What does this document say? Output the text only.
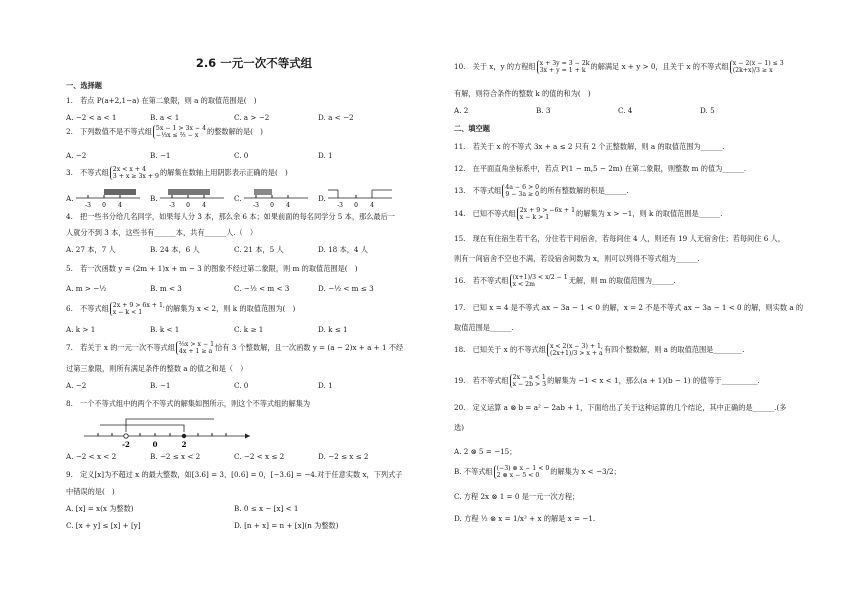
2.6 一元一次不等式组
一、选择题
1.　若点 P(a+2,1−a) 在第二象限，则 a 的取值范围是(　)
A. −2 < a < 1	B. a < 1	C. a > −2	D. a < −2
2.　下列数值不是不等式组 5x − 1 > 3x − 4
−⅓x ≤ ⅔ − x	的整数解的是(　)
A. −2	B. −1	C. 0	D. 1
3.　不等式组 2x < x + 4
3 + x ≥ 3x + 9 的解集在数轴上用阴影表示正确的是(　)
A.
-3 0 4
B.
-3 0 4
C.
-3 0 4
D.
-3 0 4
4.　把一些书分给几名同学，如果每人分 3 本，那么余 6 本；如果前面的每名同学分 5 本，那么最后一
人就分不到 3 本，这些书有______本，共有______人.（　）
A. 27 本，7 人	B. 24 本，6 人	C. 21 本，5 人	D. 18 本，4 人
5.　若一次函数 y = (2m + 1)x + m − 3 的图象不经过第二象限，则 m 的取值范围是(　)
A. m > −½	B. m < 3	C. −½ < m < 3	D. −½ < m ≤ 3
6.　不等式组 2x + 9 > 6x + 1,
x − k < 1	的解集为 x < 2，则 k 的取值范围为(　)
A. k > 1	B. k < 1	C. k ≥ 1	D. k ≤ 1
7.　若关于 x 的一元一次不等式组 ⅔x > x − 1
4x + 1 ≥ a 恰有 3 个整数解，且一次函数 y = (a − 2)x + a + 1 不经
过第三象限，则所有满足条件的整数 a 的值之和是（　）
A. −2	B. −1	C. 0	D. 1
8.　一个不等式组中的两个不等式的解集如图所示，则这个不等式组的解集为
-2	0	2
A. −2 < x < 2	B. −2 ≤ x < 2	C. −2 < x ≤ 2	D. −2 ≤ x ≤ 2
9.　定义[x]为不超过 x 的最大整数，如[3.6] = 3，[0.6] = 0，[−3.6] = −4.对于任意实数 x，下列式子
中错误的是(　)
A. [x] = x(x 为整数)	B. 0 ≤ x − [x] < 1
C. [x + y] ≤ [x] + [y]	D. [n + x] = n + [x](n 为整数)
10.　关于 x，y 的方程组 x + 3y = 3 − 2k
3x + y = 1 + k 的解满足 x + y > 0，且关于 x 的不等式组 x − 2(x − 1) ≤ 3
(2k+x)/3 ≥ x
有解，则符合条件的整数 k 的值的和为(　)
A. 2	B. 3	C. 4	D. 5
二、填空题
11.　若关于 x 的不等式 3x + a ≤ 2 只有 2 个正整数解，则 a 的取值范围为______.
12.　在平面直角坐标系中，若点 P(1 − m,5 − 2m) 在第二象限，则整数 m 的值为______.
13.　不等式组 4a − 6 > 0
9 − 3a ≥ 0 的所有整数解的积是______.
14.　已知不等式组 2x + 9 > −6x + 1
x − k > 1	的解集为 x > −1，则 k 的取值范围是______.
15.　现在有住宿生若干名，分住若干间宿舍，若每间住 4 人，则还有 19 人无宿舍住；若每间住 6 人，
则有一间宿舍不空也不满，若设宿舍间数为 x，则可以列得不等式组为______.
16.　若不等式组 (x+1)/3 < x/2 − 1
x < 2m	无解，则 m 的取值范围为______.
17.　已知 x = 4 是不等式 ax − 3a − 1 < 0 的解，x = 2 不是不等式 ax − 3a − 1 < 0 的解，则实数 a 的
取值范围是______.
18.　已知关于 x 的不等式组 x < 2(x − 3) + 1,
(2x+1)/3 > x + a 有四个整数解，则 a 的取值范围是________.
19.　若不等式组 2x − a < 1
x − 2b > 3 的解集为 −1 < x < 1，那么(a + 1)(b − 1) 的值等于__________.
20.　定义运算 a ⊗ b = a² − 2ab + 1，下面给出了关于这种运算的几个结论，其中正确的是______.(多
选)
A. 2 ⊗ 5 = −15；
B. 不等式组 (−3) ⊗ x − 1 < 0
2 ⊗ x − 5 < 0	的解集为 x < −3/2；
C. 方程 2x ⊗ 1 = 0 是一元一次方程；
D. 方程 ½ ⊗ x = 1/x² + x 的解是 x = −1.
